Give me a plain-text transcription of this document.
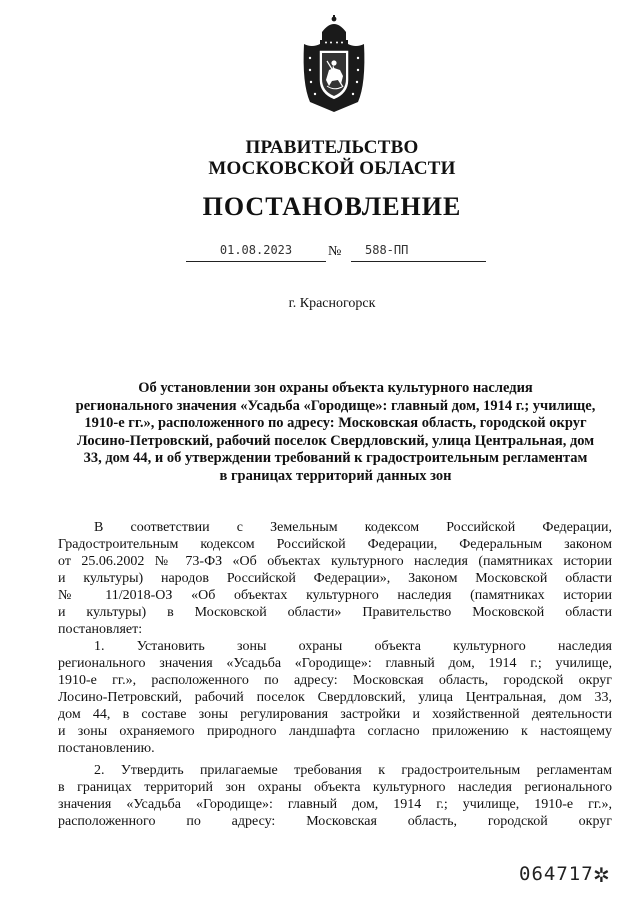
ПРАВИТЕЛЬСТВО
МОСКОВСКОЙ ОБЛАСТИ
ПОСТАНОВЛЕНИЕ
01.08.2023	№	588-ПП
г. Красногорск
Об установлении зон охраны объекта культурного наследия
регионального значения «Усадьба «Городище»: главный дом, 1914 г.; училище,
1910-е гг.», расположенного по адресу: Московская область, городской округ
Лосино-Петровский, рабочий поселок Свердловский, улица Центральная, дом
33, дом 44, и об утверждении требований к градостроительным регламентам
в границах территорий данных зон
В соответствии с Земельным кодексом Российской Федерации,
Градостроительным кодексом Российской Федерации, Федеральным законом
от 25.06.2002 № 73-ФЗ «Об объектах культурного наследия (памятниках истории
и культуры) народов Российской Федерации», Законом Московской области
№ 11/2018-ОЗ «Об объектах культурного наследия (памятниках истории
и культуры) в Московской области» Правительство Московской области
постановляет:
1. Установить зоны охраны объекта культурного наследия
регионального значения «Усадьба «Городище»: главный дом, 1914 г.; училище,
1910-е гг.», расположенного по адресу: Московская область, городской округ
Лосино-Петровский, рабочий поселок Свердловский, улица Центральная, дом 33,
дом 44, в составе зоны регулирования застройки и хозяйственной деятельности
и зоны охраняемого природного ландшафта согласно приложению к настоящему
постановлению.
2. Утвердить прилагаемые требования к градостроительным регламентам
в границах территорий зон охраны объекта культурного наследия регионального
значения «Усадьба «Городище»: главный дом, 1914 г.; училище, 1910-е гг.»,
расположенного по адресу: Московская область, городской округ
064717 ✲
